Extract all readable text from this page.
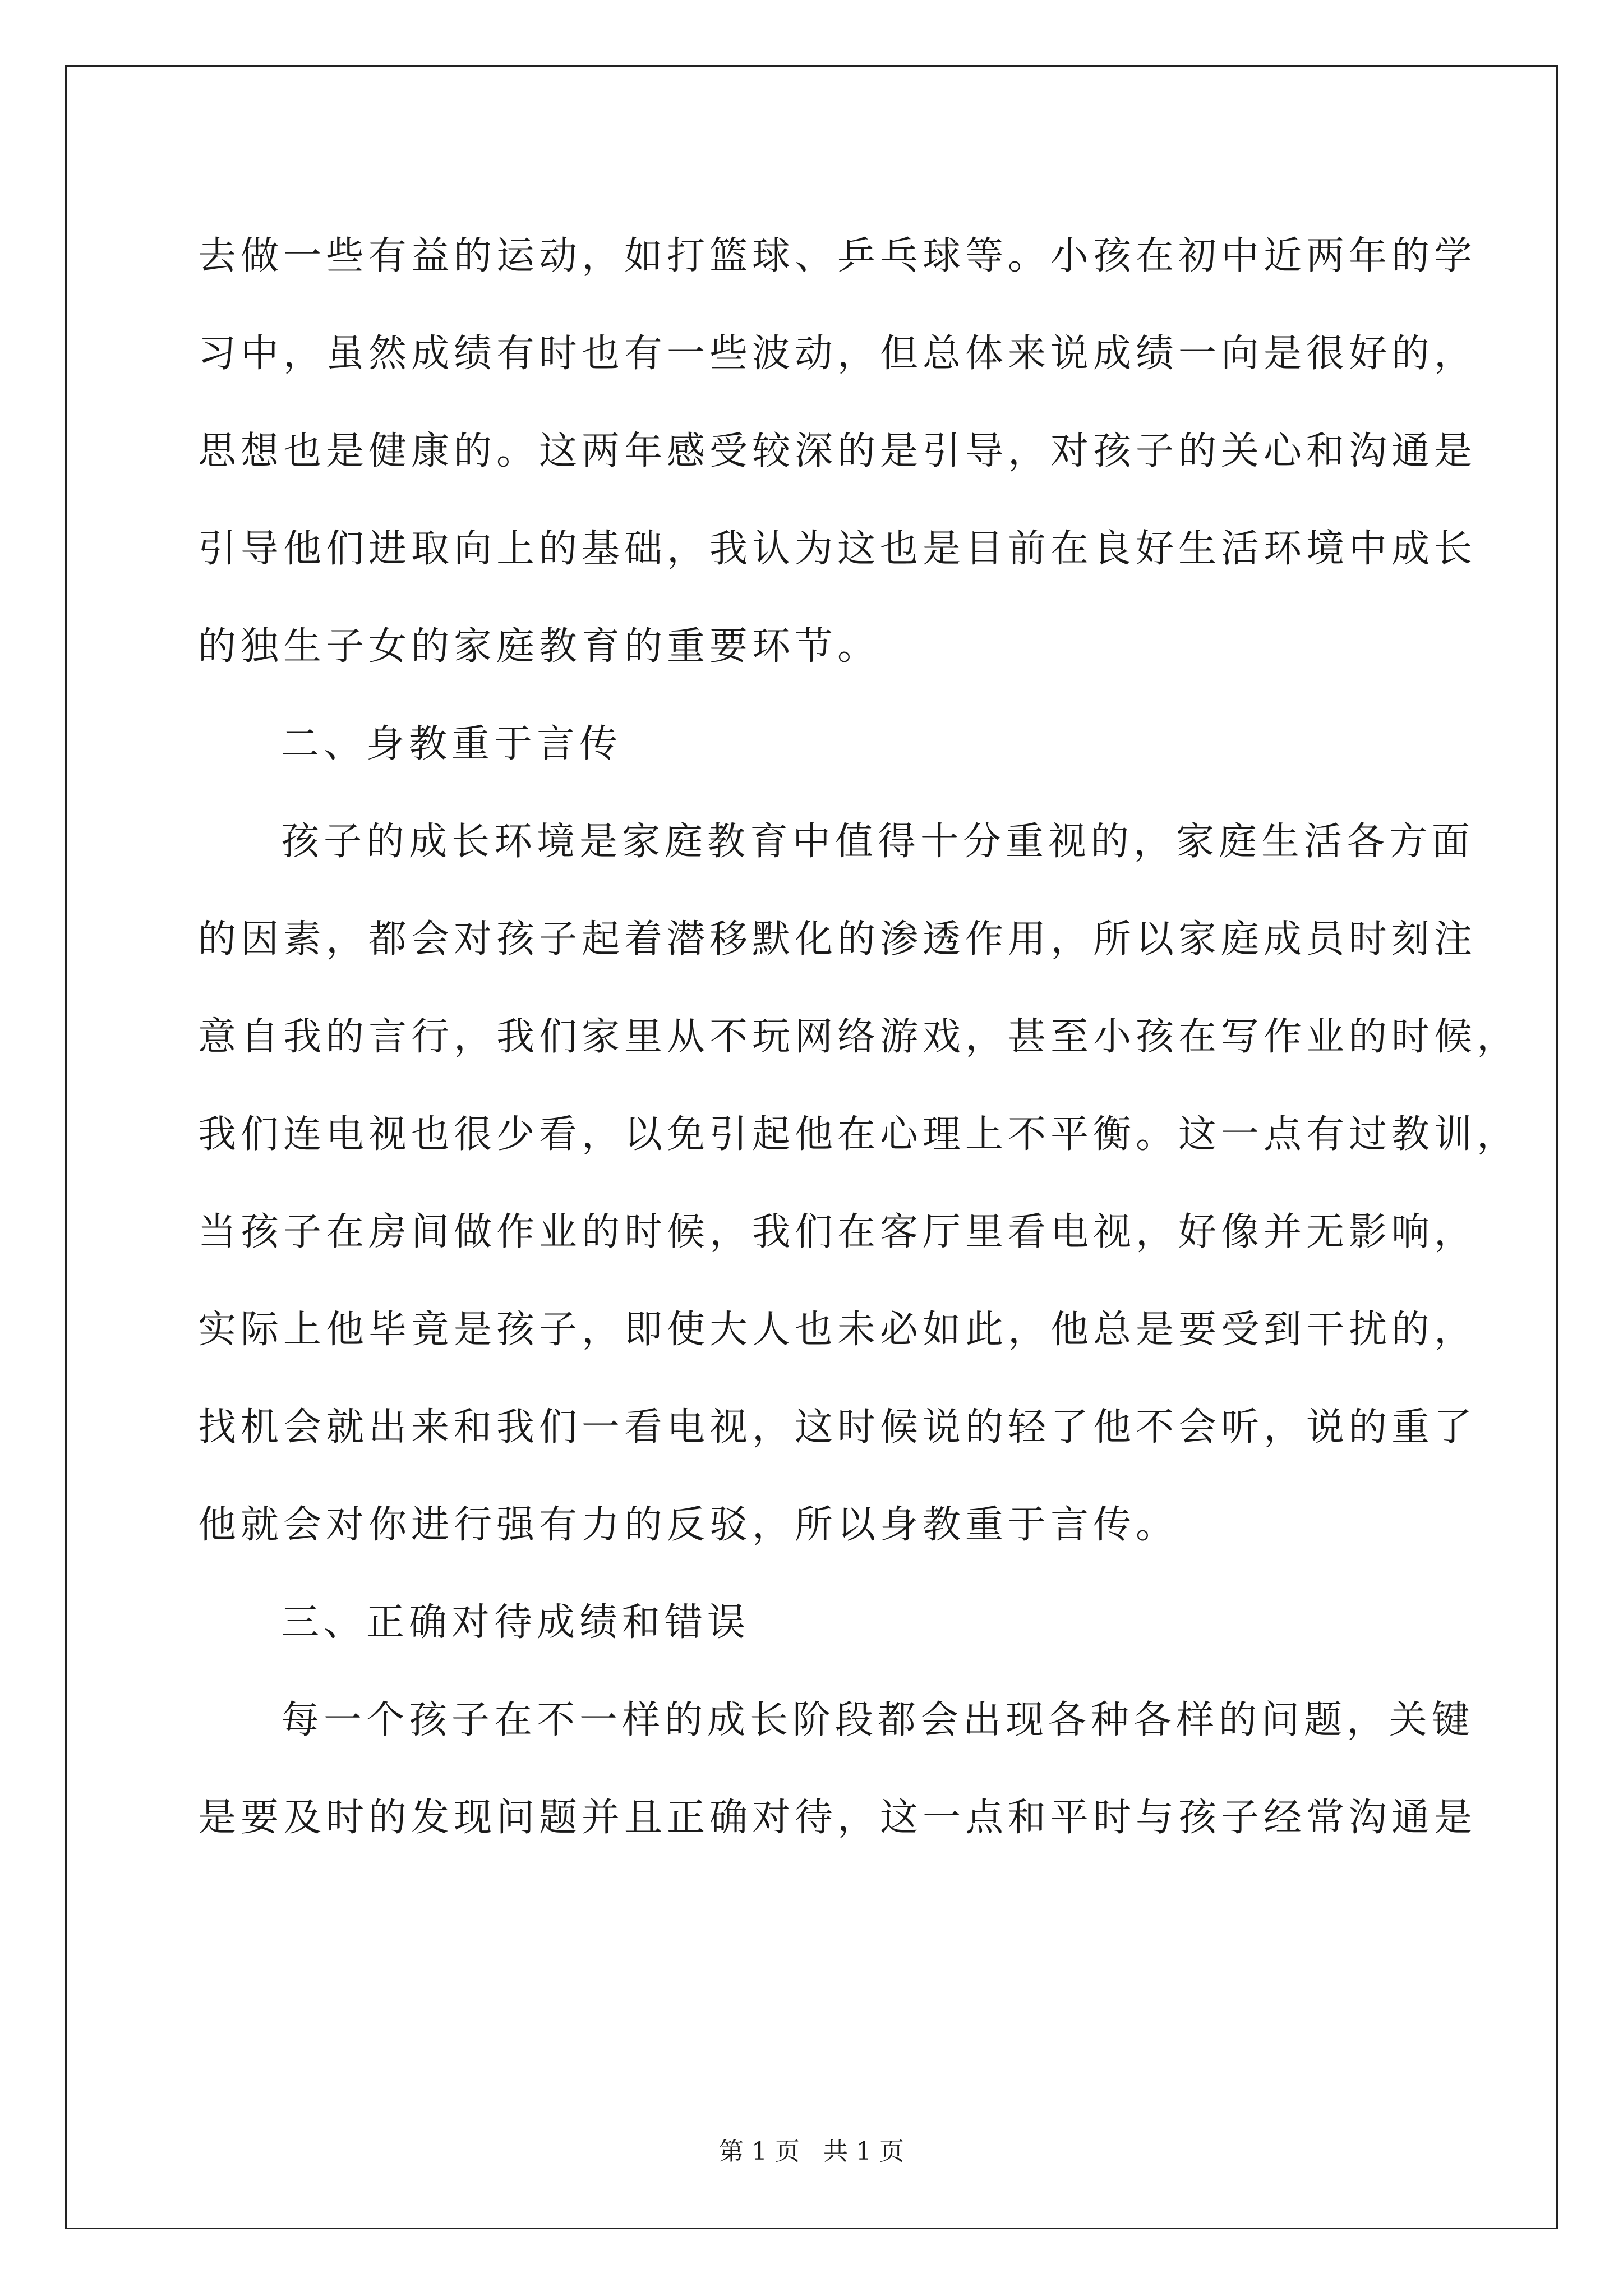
去做一些有益的运动，如打篮球、乒乓球等。小孩在初中近两年的学
习中，虽然成绩有时也有一些波动，但总体来说成绩一向是很好的，
思想也是健康的。这两年感受较深的是引导，对孩子的关心和沟通是
引导他们进取向上的基础，我认为这也是目前在良好生活环境中成长
的独生子女的家庭教育的重要环节。
二、身教重于言传
孩子的成长环境是家庭教育中值得十分重视的，家庭生活各方面
的因素，都会对孩子起着潜移默化的渗透作用，所以家庭成员时刻注
意自我的言行，我们家里从不玩网络游戏，甚至小孩在写作业的时候，
我们连电视也很少看，以免引起他在心理上不平衡。这一点有过教训，
当孩子在房间做作业的时候，我们在客厅里看电视，好像并无影响，
实际上他毕竟是孩子，即使大人也未必如此，他总是要受到干扰的，
找机会就出来和我们一看电视，这时候说的轻了他不会听，说的重了
他就会对你进行强有力的反驳，所以身教重于言传。
三、正确对待成绩和错误
每一个孩子在不一样的成长阶段都会出现各种各样的问题，关键
是要及时的发现问题并且正确对待，这一点和平时与孩子经常沟通是
第 1 页   共 1 页
